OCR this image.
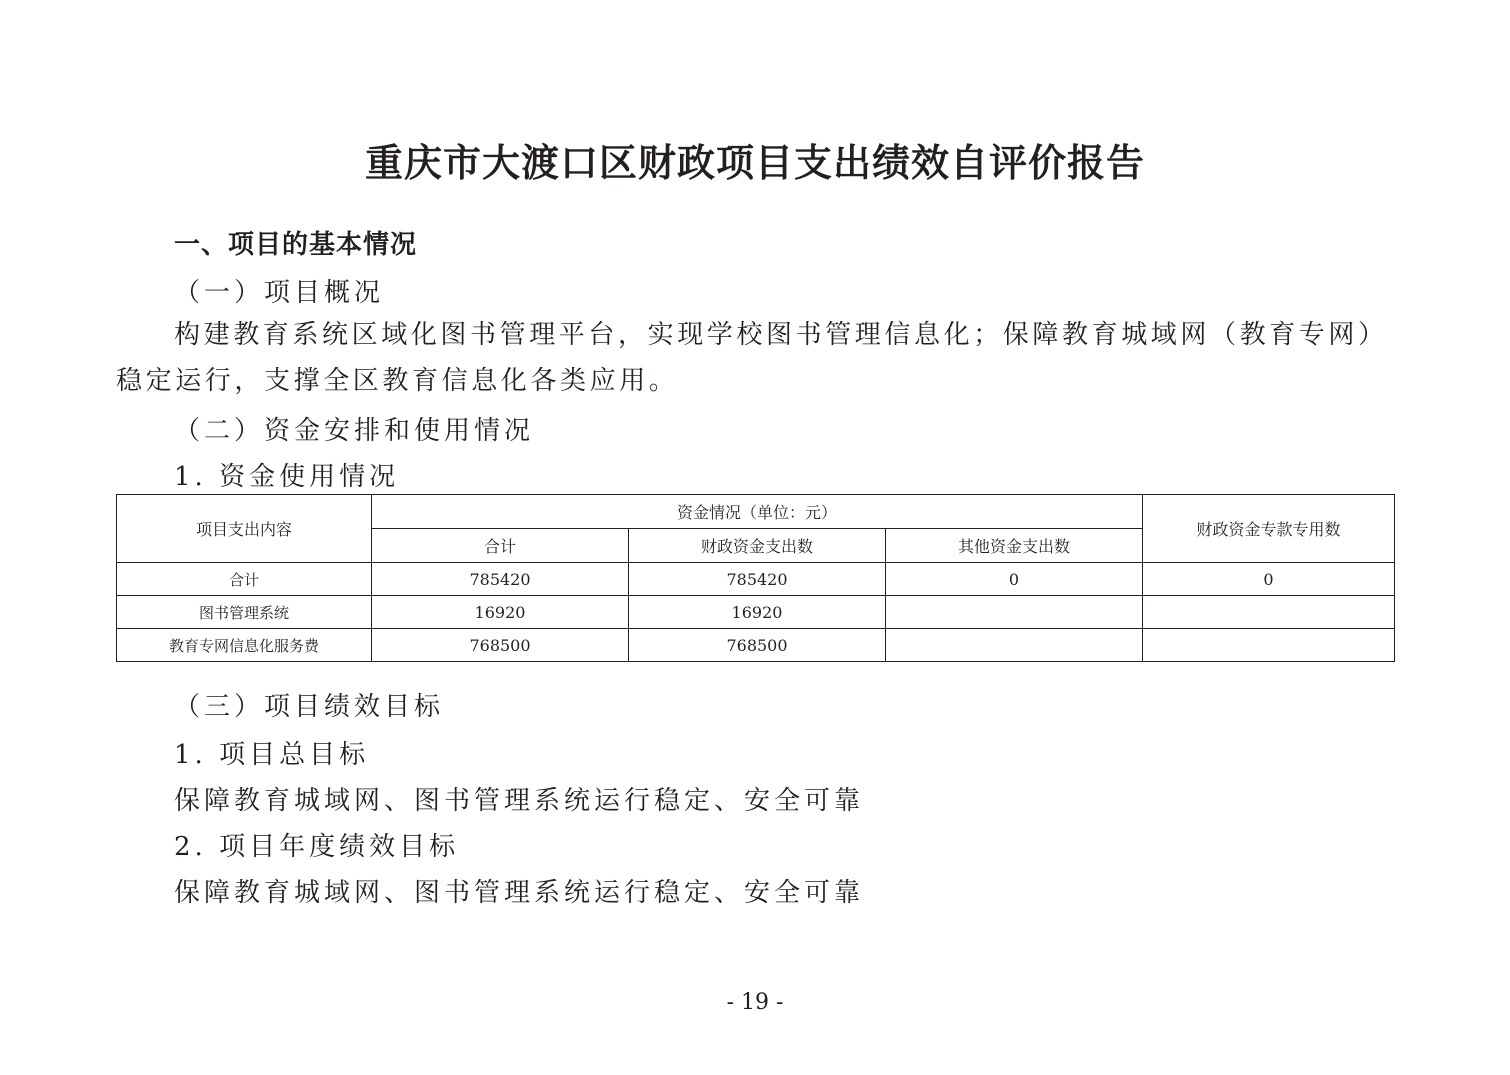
重庆市大渡口区财政项目支出绩效自评价报告

一、项目的基本情况

（一）项目概况

构建教育系统区域化图书管理平台，实现学校图书管理信息化；保障教育城域网（教育专网）稳定运行，支撑全区教育信息化各类应用。

（二）资金安排和使用情况

1. 资金使用情况

项目支出内容	资金情况（单位：元）			财政资金专款专用数
	合计	财政资金支出数	其他资金支出数	
合计	785420	785420	0	0
图书管理系统	16920	16920		
教育专网信息化服务费	768500	768500		

（三）项目绩效目标

1. 项目总目标

保障教育城域网、图书管理系统运行稳定、安全可靠

2. 项目年度绩效目标

保障教育城域网、图书管理系统运行稳定、安全可靠

- 19 -
